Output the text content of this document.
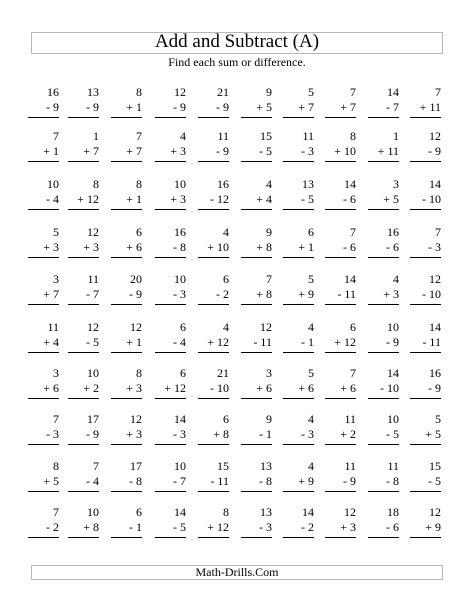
Add and Subtract (A)
Find each sum or difference.
16
- 9
13
- 9
8
+ 1
12
- 9
21
- 9
9
+ 5
5
+ 7
7
+ 7
14
- 7
7
+ 11
7
+ 1
1
+ 7
7
+ 7
4
+ 3
11
- 9
15
- 5
11
- 3
8
+ 10
1
+ 11
12
- 9
10
- 4
8
+ 12
8
+ 1
10
+ 3
16
- 12
4
+ 4
13
- 5
14
- 6
3
+ 5
14
- 10
5
+ 3
12
+ 3
6
+ 6
16
- 8
4
+ 10
9
+ 8
6
+ 1
7
- 6
16
- 6
7
- 3
3
+ 7
11
- 7
20
- 9
10
- 3
6
- 2
7
+ 8
5
+ 9
14
- 11
4
+ 3
12
- 10
11
+ 4
12
- 5
12
+ 1
6
- 4
4
+ 12
12
- 11
4
- 1
6
+ 12
10
- 9
14
- 11
3
+ 6
10
+ 2
8
+ 3
6
+ 12
21
- 10
3
+ 6
5
+ 6
7
+ 6
14
- 10
16
- 9
7
- 3
17
- 9
12
+ 3
14
- 3
6
+ 8
9
- 1
4
- 3
11
+ 2
10
- 5
5
+ 5
8
+ 5
7
- 4
17
- 8
10
- 7
15
- 11
13
- 8
4
+ 9
11
- 9
11
- 8
15
- 5
7
- 2
10
+ 8
6
- 1
14
- 5
8
+ 12
13
- 3
14
- 2
12
+ 3
18
- 6
12
+ 9
Math-Drills.Com
